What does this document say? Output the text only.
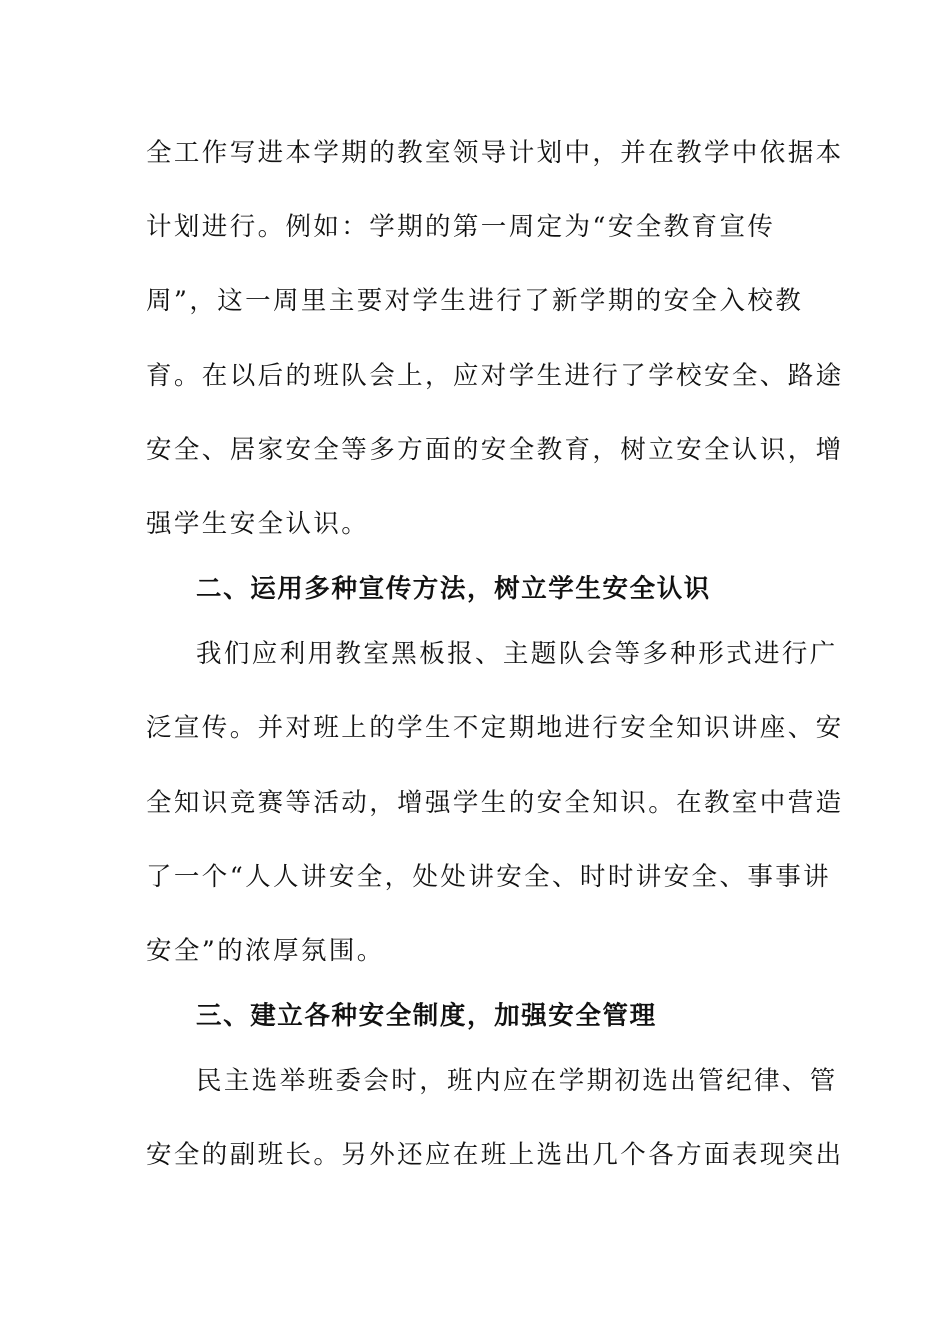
全工作写进本学期的教室领导计划中，并在教学中依据本
计划进行。例如：学期的第一周定为“安全教育宣传
周”，这一周里主要对学生进行了新学期的安全入校教
育。在以后的班队会上，应对学生进行了学校安全、路途
安全、居家安全等多方面的安全教育，树立安全认识，增
强学生安全认识。
二、运用多种宣传方法，树立学生安全认识
我们应利用教室黑板报、主题队会等多种形式进行广
泛宣传。并对班上的学生不定期地进行安全知识讲座、安
全知识竞赛等活动，增强学生的安全知识。在教室中营造
了一个“人人讲安全，处处讲安全、时时讲安全、事事讲
安全”的浓厚氛围。
三、建立各种安全制度，加强安全管理
民主选举班委会时，班内应在学期初选出管纪律、管
安全的副班长。另外还应在班上选出几个各方面表现突出
